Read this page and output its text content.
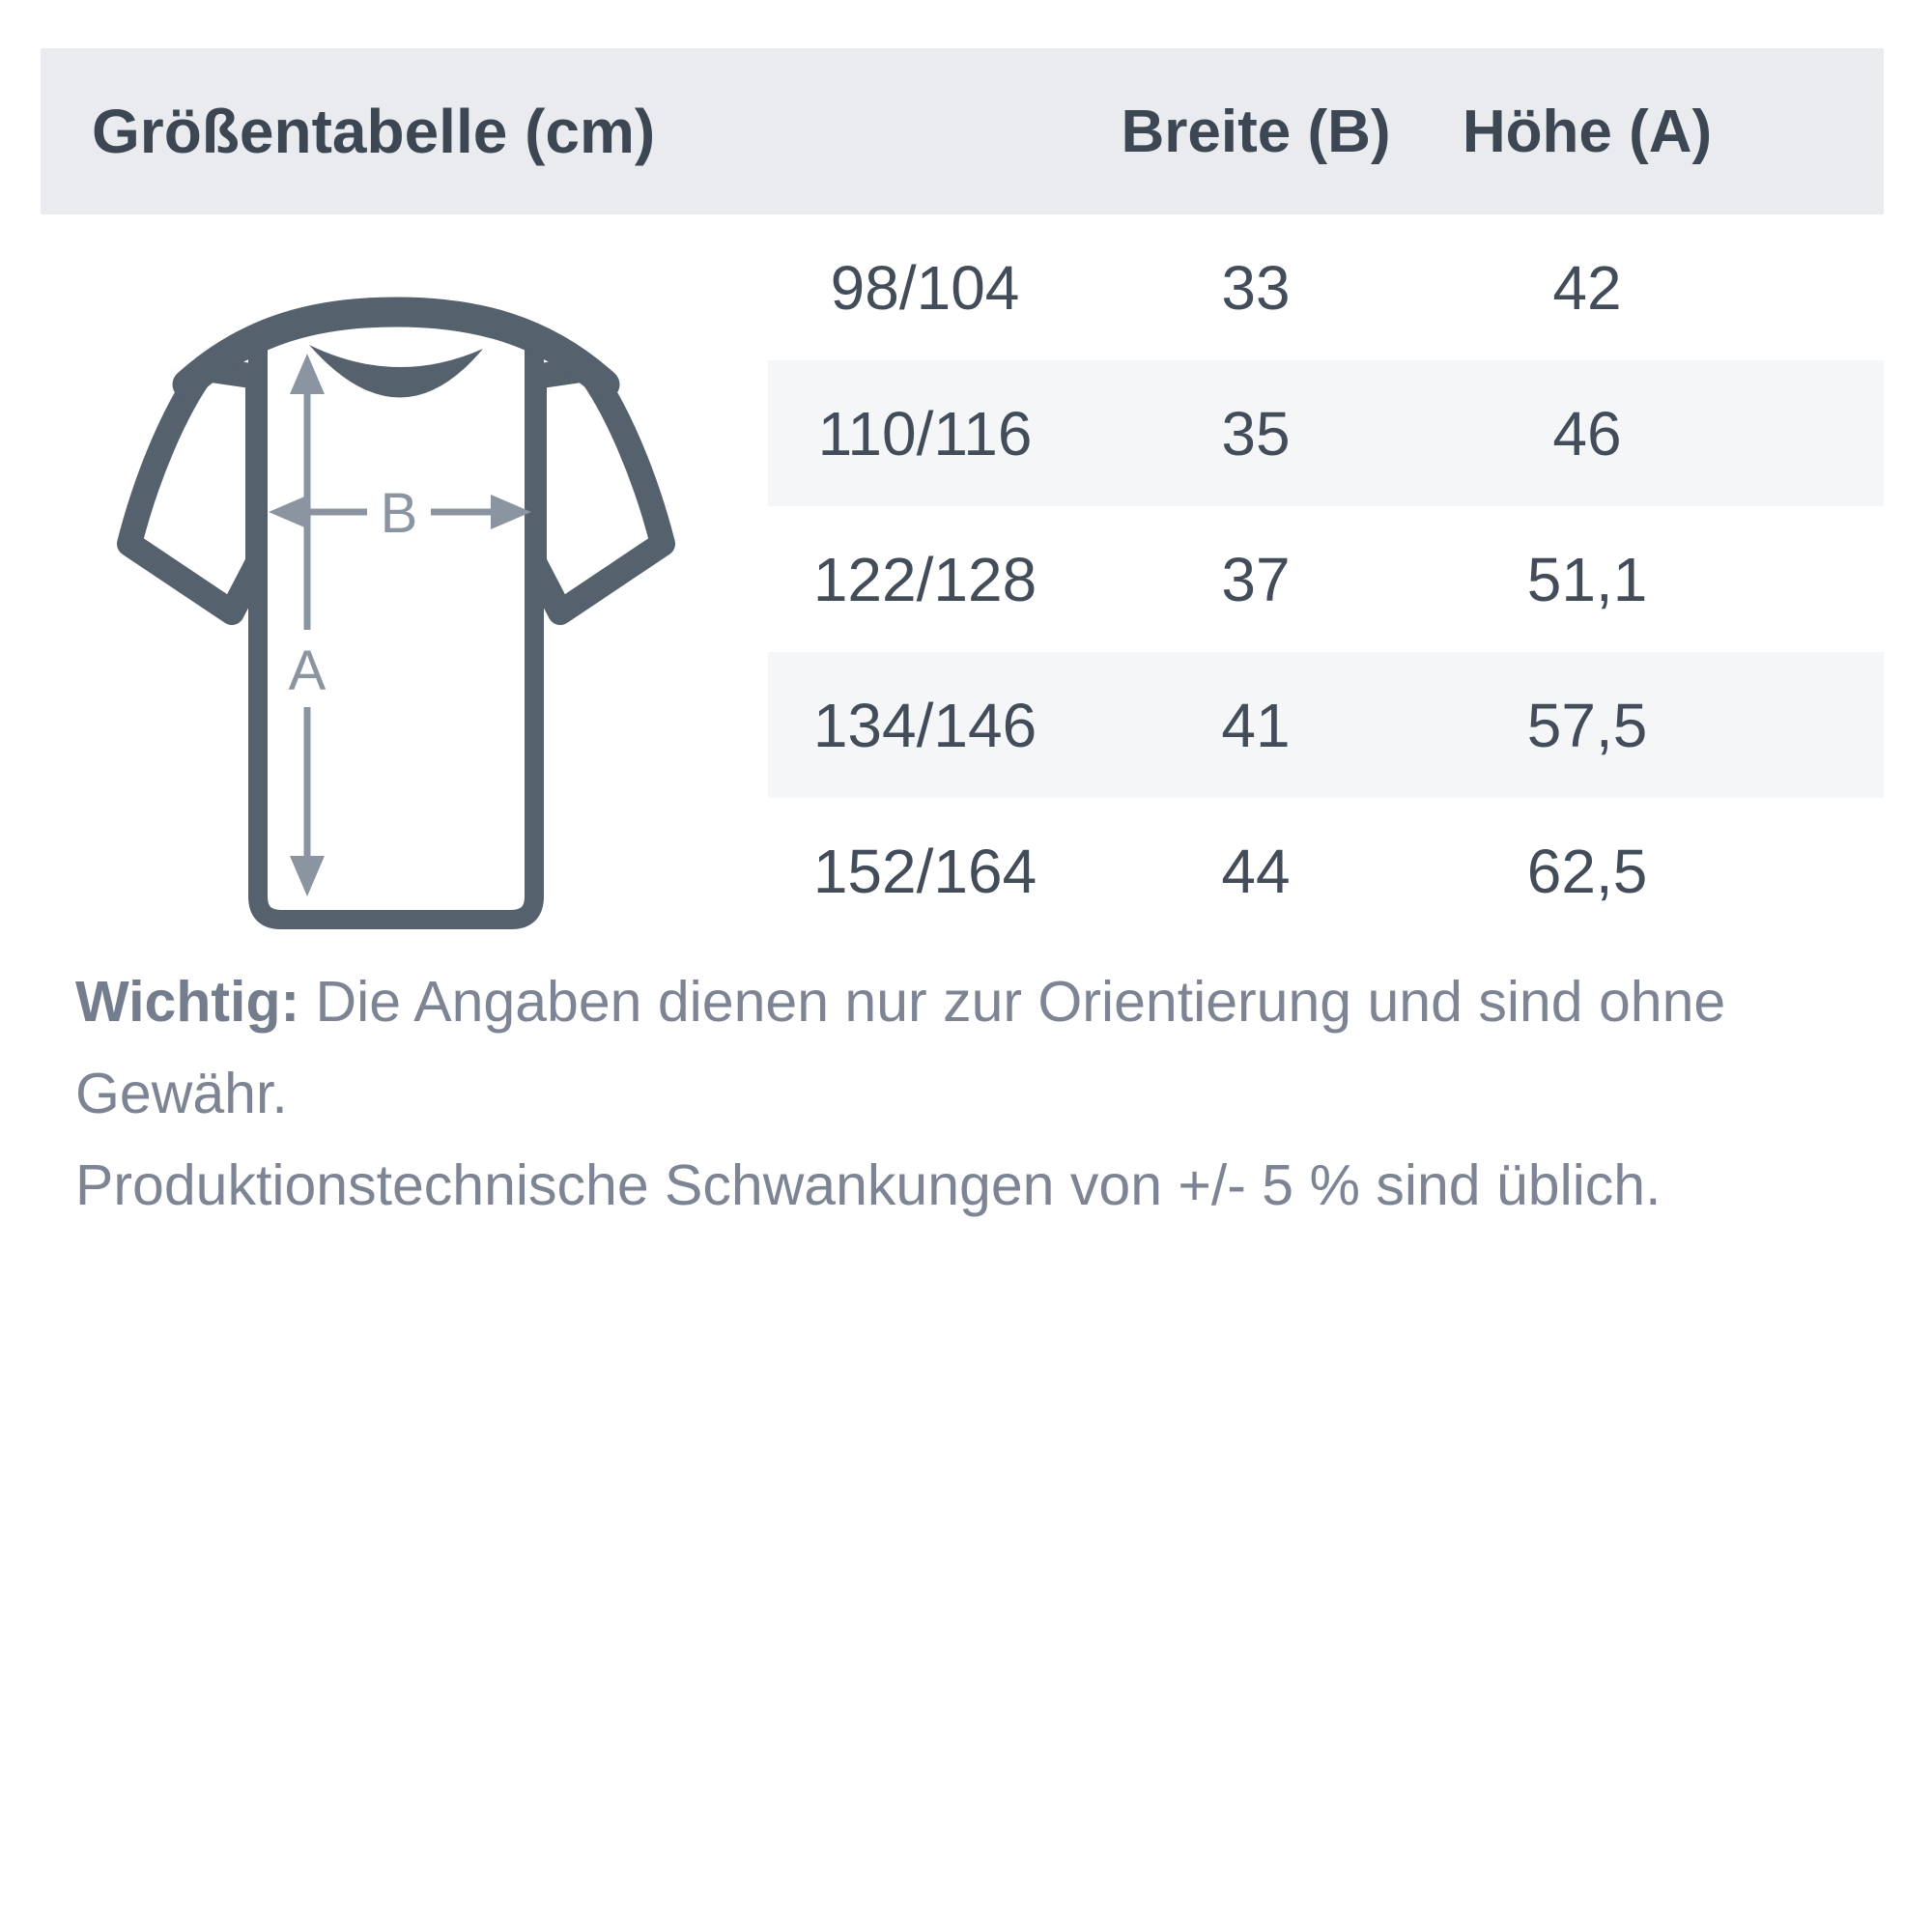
Größentabelle (cm)	Breite (B)	Höhe (A)
A
B
98/104	33	42
110/116	35	46
122/128	37	51,1
134/146	41	57,5
152/164	44	62,5
Wichtig: Die Angaben dienen nur zur Orientierung und sind ohne Gewähr.
Produktionstechnische Schwankungen von +/- 5 % sind üblich.
